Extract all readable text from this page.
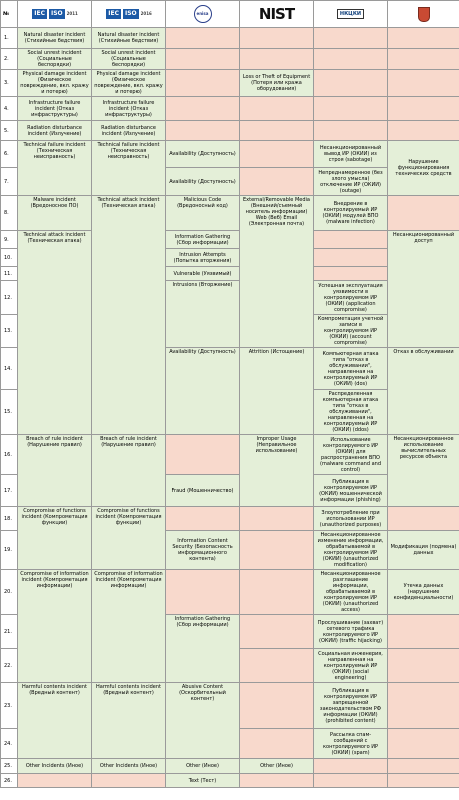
№	IEC ISO 2011	IEC ISO 2016	enisa	NIST	НКЦКИ	

1.	Natural disaster incident (Стихийные бедствия)	Natural disaster incident (Стихийные бедствия)				
2.	Social unrest incident (Социальные беспорядки)	Social unrest incident (Социальные беспорядки)				
3.	Physical damage incident (Физическое повреждение, вкл. кражу и потерю)	Physical damage incident (Физическое повреждение, вкл. кражу и потерю)		Loss or Theft of Equipment (Потеря или кража оборудования)		
4.	Infrastructure failure incident (Отказ инфраструктуры)	Infrastructure failure incident (Отказ инфраструктуры)				
5.	Radiation disturbance incident (Излучение)	Radiation disturbance incident (Излучение)				
6.	Technical failure incident (Техническая неисправность)	Technical failure incident (Техническая неисправность)	Availability (Доступность)		Несанкционированный вывод ИР (ОКИИ) из строя (sabotage)	Нарушение функционирования технических средств
7.			Availability (Доступность)		Непреднамеренное (без злого умысла) отключение ИР (ОКИИ) (outage)	
8.	Malware incident (Вредоносное ПО)	Technical attack incident (Техническая атака)	Malicious Code (Вредоносный код)	External/Removable Media (Внешний/съемный носитель информации) Web (Веб) Email (Электронная почта)	Внедрение в контролируемый ИР (ОКИИ) модулей ВПО (malware infection)	
9.	Technical attack incident (Техническая атака)		Information Gathering (Сбор информации)			Несанкционированный доступ
10.			Intrusion Attempts (Попытка вторжения)			
11.			Vulnerable (Уязвимый)			
12.			Intrusions (Вторжение)		Успешная эксплуатация уязвимости в контролируемом ИР (ОКИИ) (application compromise)	
13.					Компрометация учетной записи в контролируемом ИР (ОКИИ) (account compromise)	
14.			Availability (Доступность)	Attrition (Истощение)	Компьютерная атака типа "отказ в обслуживании", направленная на контролируемый ИР (ОКИИ) (dos)	Отказ в обслуживании
15.					Распределенная компьютерная атака типа "отказ в обслуживании", направленная на контролируемый ИР (ОКИИ) (ddos)	
16.	Breach of rule incident (Нарушение правил)	Breach of rule incident (Нарушение правил)		Improper Usage (Неправильное использование)	Использование контролируемого ИР (ОКИИ) для распространения ВПО (malware command and control)	Несанкционированное использование вычислительных ресурсов объекта
17.			Fraud (Мошенничество)		Публикация в контролируемом ИР (ОКИИ) мошеннической информации (phishing)	
18.	Compromise of functions incident (Компрометация функции)	Compromise of functions incident (Компрометация функции)			Злоупотребление при использовании ИР (unauthorized purposes)	
19.			Information Content Security (Безопасность информационного контента)		Несанкционированное изменение информации, обрабатываемой в контролируемом ИР (ОКИИ) (unauthorized modification)	Модификация (подмена) данных
20.	Compromise of information incident (Компрометация информации)	Compromise of information incident (Компрометация информации)			Несанкционированное разглашение информации, обрабатываемой в контролируемом ИР (ОКИИ) (unauthorized access)	Утечка данных (нарушение конфиденциальности)
21.			Information Gathering (Сбор информации)		Прослушивание (захват) сетевого трафика контролируемого ИР (ОКИИ) (traffic hijacking)	
22.					Социальная инженерия, направленная на контролируемый ИР (ОКИИ) (social engineering)	
23.	Harmful contents incident (Вредный контент)	Harmful contents incident (Вредный контент)	Abusive Content (Оскорбительный контент)		Публикация в контролируемом ИР запрещенной законодательством РФ информации (ОКИИ) (prohibited content)	
24.					Рассылка спам-сообщений с контролируемого ИР (ОКИИ) (spam)	
25.	Other Incidents (Иное)	Other Incidents (Иное)	Other (Иное)	Other (Иное)		
26.			Text (Тест)			
